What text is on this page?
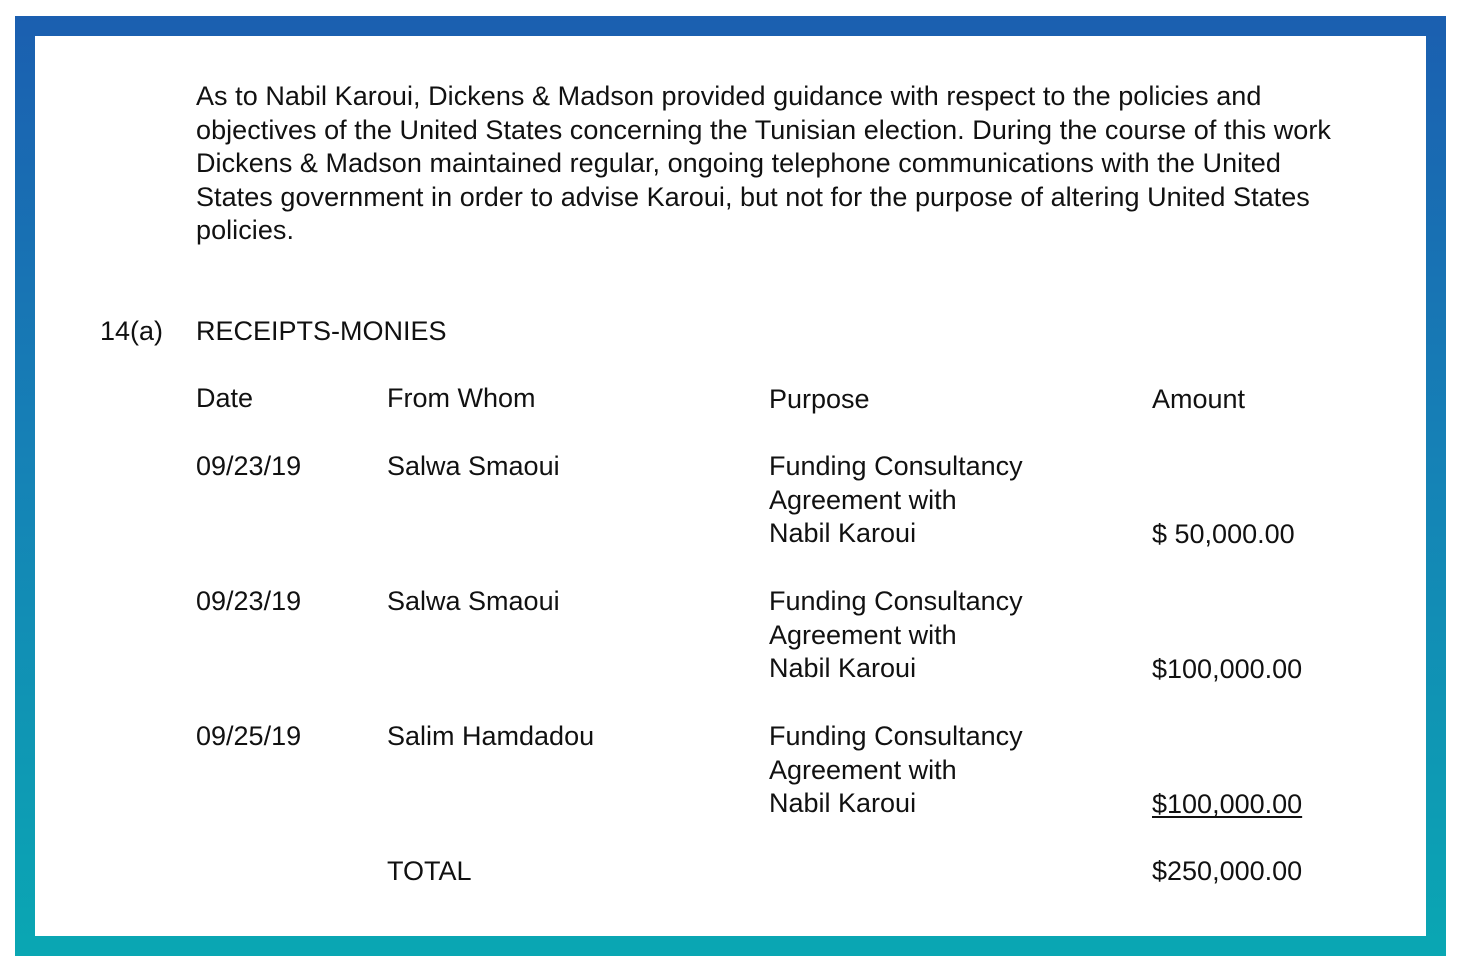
As to Nabil Karoui, Dickens & Madson provided guidance with respect to the policies and objectives of the United States concerning the Tunisian election. During the course of this work Dickens & Madson maintained regular, ongoing telephone communications with the United States government in order to advise Karoui, but not for the purpose of altering United States policies.

14(a) RECEIPTS-MONIES
Date	From Whom	Purpose	Amount
09/23/19	Salwa Smaoui	Funding Consultancy
Agreement with
Nabil Karoui	$ 50,000.00
09/23/19	Salwa Smaoui	Funding Consultancy
Agreement with
Nabil Karoui	$100,000.00
09/25/19	Salim Hamdadou	Funding Consultancy
Agreement with
Nabil Karoui	$100,000.00
TOTAL	$250,000.00
